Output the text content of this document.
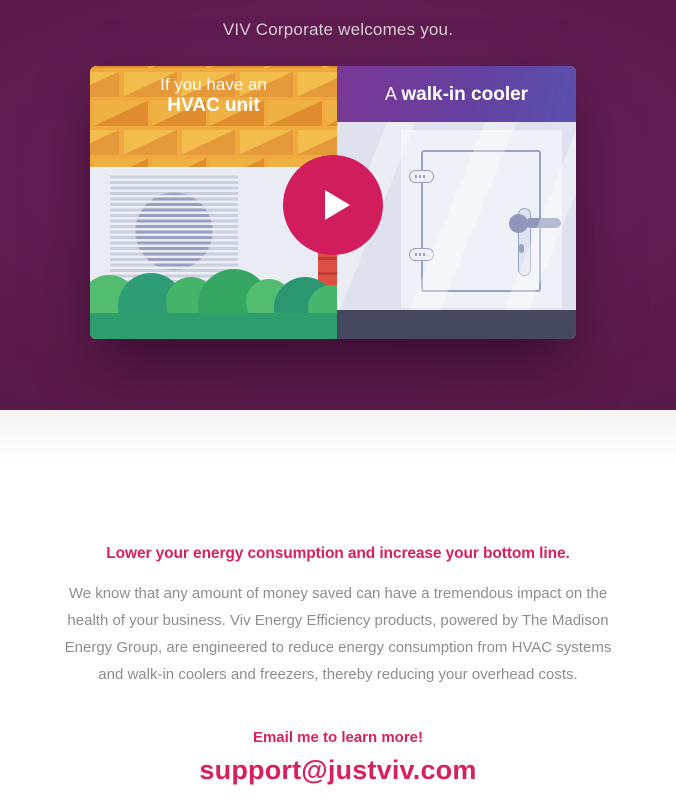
VIV Corporate welcomes you.
If you have an
HVAC unit
A walk-in cooler
Lower your energy consumption and increase your bottom line.

We know that any amount of money saved can have a tremendous impact on the health of your business. Viv Energy Efficiency products, powered by The Madison Energy Group, are engineered to reduce energy consumption from HVAC systems and walk-in coolers and freezers, thereby reducing your overhead costs.

Email me to learn more!
support@justviv.com
